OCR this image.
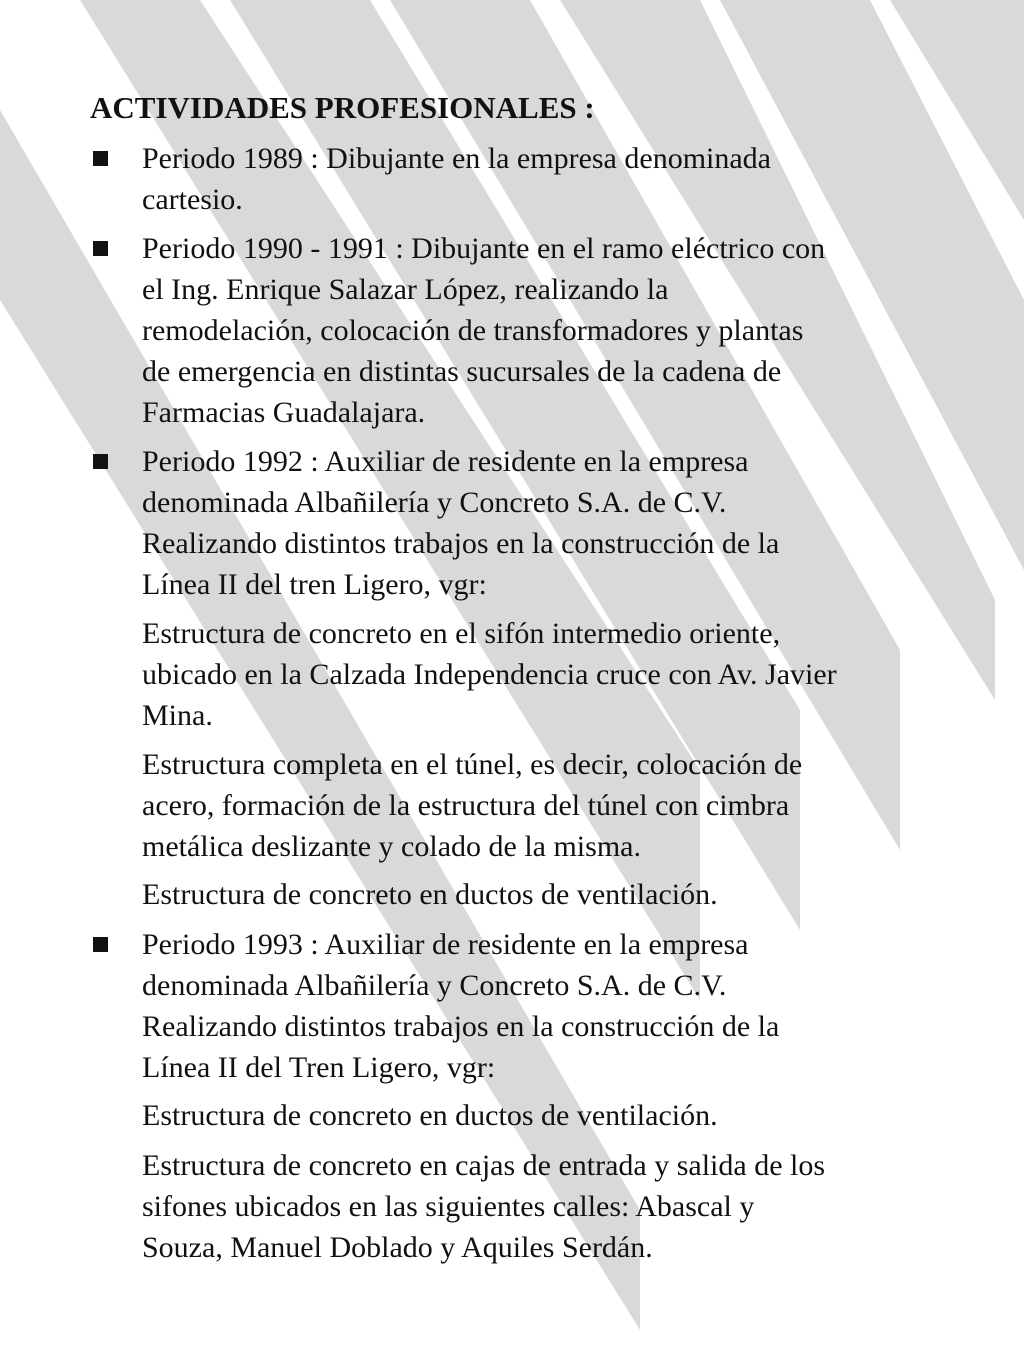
ACTIVIDADES PROFESIONALES :
Periodo 1989 : Dibujante en la empresa denominada
cartesio.
Periodo 1990 - 1991 : Dibujante en el ramo eléctrico con
el Ing. Enrique Salazar López, realizando la
remodelación, colocación de transformadores y plantas
de emergencia en distintas sucursales de la cadena de
Farmacias Guadalajara.
Periodo 1992 : Auxiliar de residente en la empresa
denominada Albañilería y Concreto S.A. de C.V.
Realizando distintos trabajos en la construcción de la
Línea II del tren Ligero, vgr:
Estructura de concreto en el sifón intermedio oriente,
ubicado en la Calzada Independencia cruce con Av. Javier
Mina.
Estructura completa en el túnel, es decir, colocación de
acero, formación de la estructura del túnel con cimbra
metálica deslizante y colado de la misma.
Estructura de concreto en ductos de ventilación.
Periodo 1993 : Auxiliar de residente en la empresa
denominada Albañilería y Concreto S.A. de C.V.
Realizando distintos trabajos en la construcción de la
Línea II del Tren Ligero, vgr:
Estructura de concreto en ductos de ventilación.
Estructura de concreto en cajas de entrada y salida de los
sifones ubicados en las siguientes calles: Abascal y
Souza, Manuel Doblado y Aquiles Serdán.
